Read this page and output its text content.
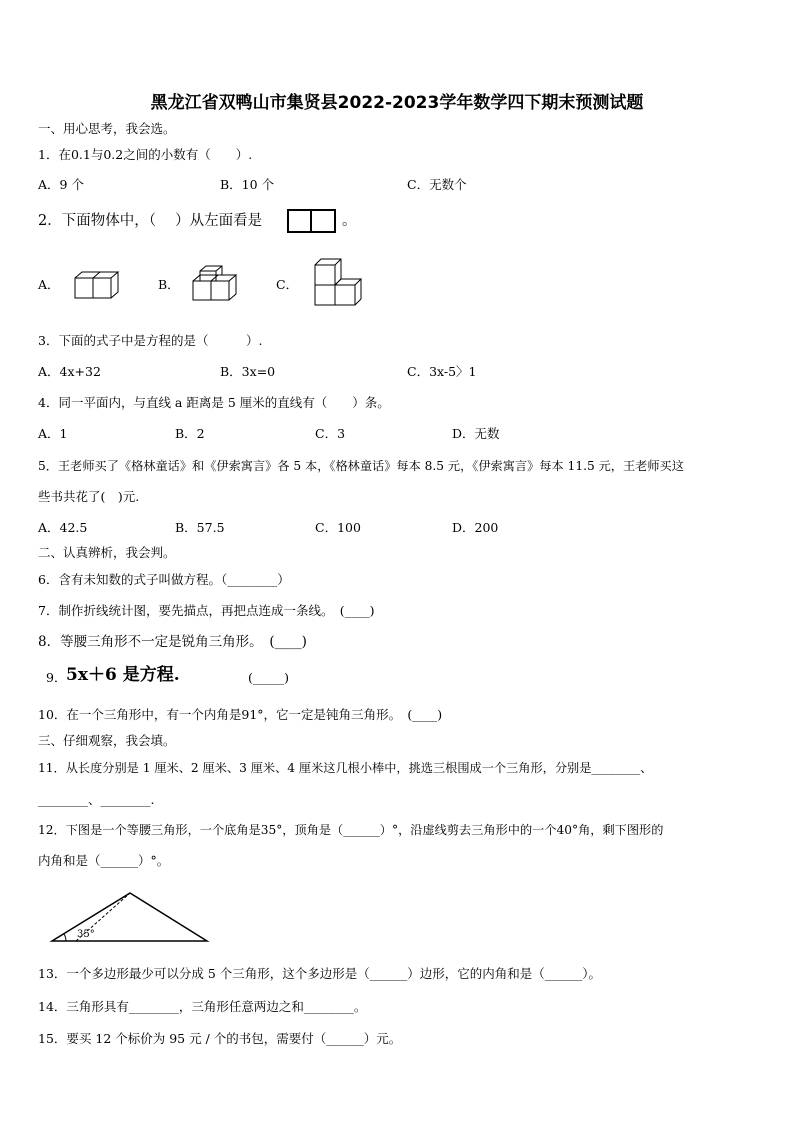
黑龙江省双鸭山市集贤县2022-2023学年数学四下期末预测试题
一、用心思考，我会选。
1．在0.1与0.2之间的小数有（　　）.
A．9 个	B．10 个	C．无数个
2．下面物体中，（　 ）从左面看是	。
A．	B．	C．
3．下面的式子中是方程的是（　　　）.
A．4x+32	B．3x=0	C．3x-5〉1
4．同一平面内，与直线 a 距离是 5 厘米的直线有（　　）条。
A．1	B．2	C．3	D．无数
5．王老师买了《格林童话》和《伊索寓言》各 5 本，《格林童话》每本 8.5 元，《伊索寓言》每本 11.5 元，王老师买这
些书共花了(　)元.
A．42.5	B．57.5	C．100	D．200
二、认真辨析，我会判。
6．含有未知数的式子叫做方程。（________）
7．制作折线统计图，要先描点，再把点连成一条线。　(____)
8．等腰三角形不一定是锐角三角形。　(____)
9． 5x＋6 是方程.	(_____)
10．在一个三角形中，有一个内角是91°，它一定是钝角三角形。　(____)
三、仔细观察，我会填。
11．从长度分别是 1 厘米、2 厘米、3 厘米、4 厘米这几根小棒中，挑选三根围成一个三角形，分别是________、
________、________.
12．下图是一个等腰三角形，一个底角是35°，顶角是（______）°，沿虚线剪去三角形中的一个40°角，剩下图形的
内角和是（______）°。
35°
13．一个多边形最少可以分成 5 个三角形，这个多边形是（______）边形，它的内角和是（______）。
14．三角形具有________，三角形任意两边之和________。
15．要买 12 个标价为 95 元 / 个的书包，需要付（______）元。
